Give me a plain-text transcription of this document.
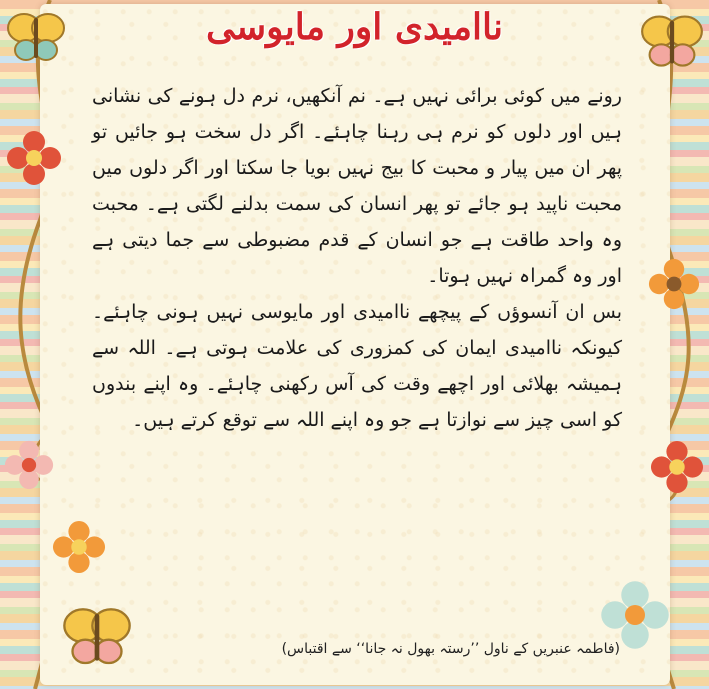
ناامیدی اور مایوسی

رونے میں کوئی برائی نہیں ہے۔ نم آنکھیں، نرم دل ہونے کی نشانی ہیں اور دلوں کو نرم ہی رہنا چاہئے۔ اگر دل سخت ہو جائیں تو پھر ان میں پیار و محبت کا بیج نہیں بویا جا سکتا اور اگر دلوں میں محبت ناپید ہو جائے تو پھر انسان کی سمت بدلنے لگتی ہے۔ محبت وہ واحد طاقت ہے جو انسان کے قدم مضبوطی سے جما دیتی ہے اور وہ گمراہ نہیں ہوتا۔

بس ان آنسوؤں کے پیچھے ناامیدی اور مایوسی نہیں ہونی چاہئے۔ کیونکہ ناامیدی ایمان کی کمزوری کی علامت ہوتی ہے۔ اللہ سے ہمیشہ بھلائی اور اچھے وقت کی آس رکھنی چاہئے۔ وہ اپنے بندوں کو اسی چیز سے نوازتا ہے جو وہ اپنے اللہ سے توقع کرتے ہیں۔

(فاطمہ عنبریں کے ناول ’’رستہ بھول نہ جانا‘‘ سے اقتباس)
